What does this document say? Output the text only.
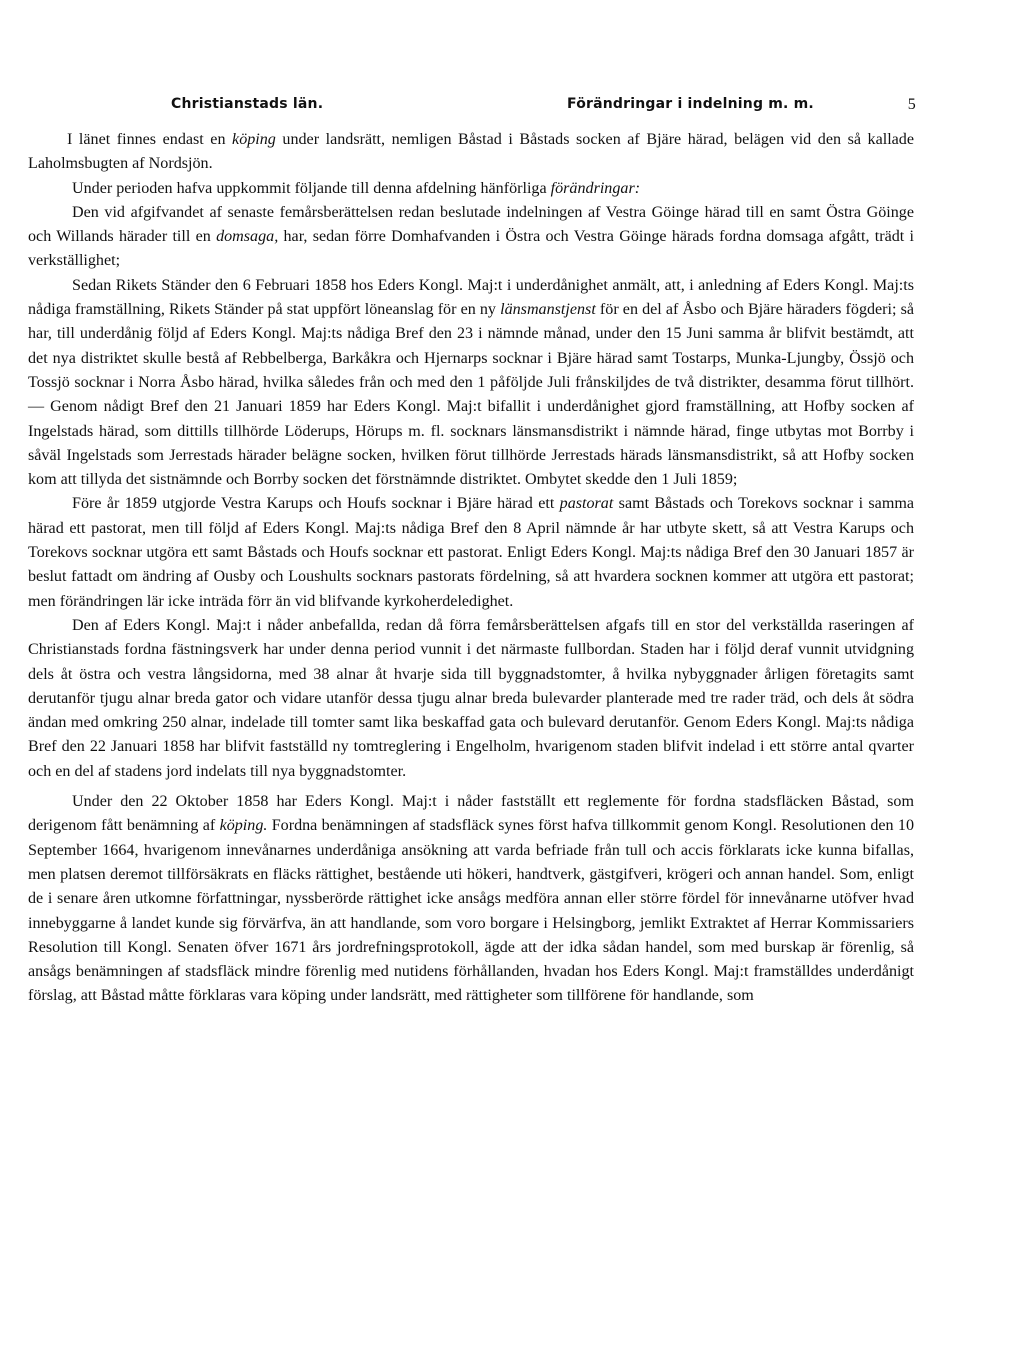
Christianstads län.	Förändringar i indelning m. m.	5

I länet finnes endast en köping under landsrätt, nemligen Båstad i Båstads socken af Bjäre härad, belägen vid den så kallade Laholmsbugten af Nordsjön.

Under perioden hafva uppkommit följande till denna afdelning hänförliga förändringar:

Den vid afgifvandet af senaste femårsberättelsen redan beslutade indelningen af Vestra Göinge härad till en samt Östra Göinge och Willands härader till en domsaga, har, sedan förre Domhafvanden i Östra och Vestra Göinge härads fordna domsaga afgått, trädt i verkställighet;

Sedan Rikets Ständer den 6 Februari 1858 hos Eders Kongl. Maj:t i underdånighet anmält, att, i anledning af Eders Kongl. Maj:ts nådiga framställning, Rikets Ständer på stat uppfört löneanslag för en ny länsmanstjenst för en del af Åsbo och Bjäre häraders fögderi; så har, till underdånig följd af Eders Kongl. Maj:ts nådiga Bref den 23 i nämnde månad, under den 15 Juni samma år blifvit bestämdt, att det nya distriktet skulle bestå af Rebbelberga, Barkåkra och Hjernarps socknar i Bjäre härad samt Tostarps, Munka-Ljungby, Össjö och Tossjö socknar i Norra Åsbo härad, hvilka således från och med den 1 påföljde Juli frånskiljdes de två distrikter, desamma förut tillhört. — Genom nådigt Bref den 21 Januari 1859 har Eders Kongl. Maj:t bifallit i underdånighet gjord framställning, att Hofby socken af Ingelstads härad, som dittills tillhörde Löderups, Hörups m. fl. socknars länsmansdistrikt i nämnde härad, finge utbytas mot Borrby i såväl Ingelstads som Jerrestads härader belägne socken, hvilken förut tillhörde Jerrestads härads länsmansdistrikt, så att Hofby socken kom att tillyda det sistnämnde och Borrby socken det förstnämnde distriktet. Ombytet skedde den 1 Juli 1859;

Före år 1859 utgjorde Vestra Karups och Houfs socknar i Bjäre härad ett pastorat samt Båstads och Torekovs socknar i samma härad ett pastorat, men till följd af Eders Kongl. Maj:ts nådiga Bref den 8 April nämnde år har utbyte skett, så att Vestra Karups och Torekovs socknar utgöra ett samt Båstads och Houfs socknar ett pastorat. Enligt Eders Kongl. Maj:ts nådiga Bref den 30 Januari 1857 är beslut fattadt om ändring af Ousby och Loushults socknars pastorats fördelning, så att hvardera socknen kommer att utgöra ett pastorat; men förändringen lär icke inträda förr än vid blifvande kyrkoherdeledighet.

Den af Eders Kongl. Maj:t i nåder anbefallda, redan då förra femårsberättelsen afgafs till en stor del verkställda raseringen af Christianstads fordna fästningsverk har under denna period vunnit i det närmaste fullbordan. Staden har i följd deraf vunnit utvidgning dels åt östra och vestra långsidorna, med 38 alnar åt hvarje sida till byggnadstomter, å hvilka nybyggnader årligen företagits samt derutanför tjugu alnar breda gator och vidare utanför dessa tjugu alnar breda bulevarder planterade med tre rader träd, och dels åt södra ändan med omkring 250 alnar, indelade till tomter samt lika beskaffad gata och bulevard derutanför. Genom Eders Kongl. Maj:ts nådiga Bref den 22 Januari 1858 har blifvit fastställd ny tomtreglering i Engelholm, hvarigenom staden blifvit indelad i ett större antal qvarter och en del af stadens jord indelats till nya byggnadstomter.

Under den 22 Oktober 1858 har Eders Kongl. Maj:t i nåder fastställt ett reglemente för fordna stadsfläcken Båstad, som derigenom fått benämning af köping. Fordna benämningen af stadsfläck synes först hafva tillkommit genom Kongl. Resolutionen den 10 September 1664, hvarigenom innevånarnes underdåniga ansökning att varda befriade från tull och accis förklarats icke kunna bifallas, men platsen deremot tillförsäkrats en fläcks rättighet, bestående uti hökeri, handtverk, gästgifveri, krögeri och annan handel. Som, enligt de i senare åren utkomne författningar, nyssberörde rättighet icke ansågs medföra annan eller större fördel för innevånarne utöfver hvad innebyggarne å landet kunde sig förvärfva, än att handlande, som voro borgare i Helsingborg, jemlikt Extraktet af Herrar Kommissariers Resolution till Kongl. Senaten öfver 1671 års jordrefningsprotokoll, ägde att der idka sådan handel, som med burskap är förenlig, så ansågs benämningen af stadsfläck mindre förenlig med nutidens förhållanden, hvadan hos Eders Kongl. Maj:t framställdes underdånigt förslag, att Båstad måtte förklaras vara köping under landsrätt, med rättigheter som tillförene för handlande, som
